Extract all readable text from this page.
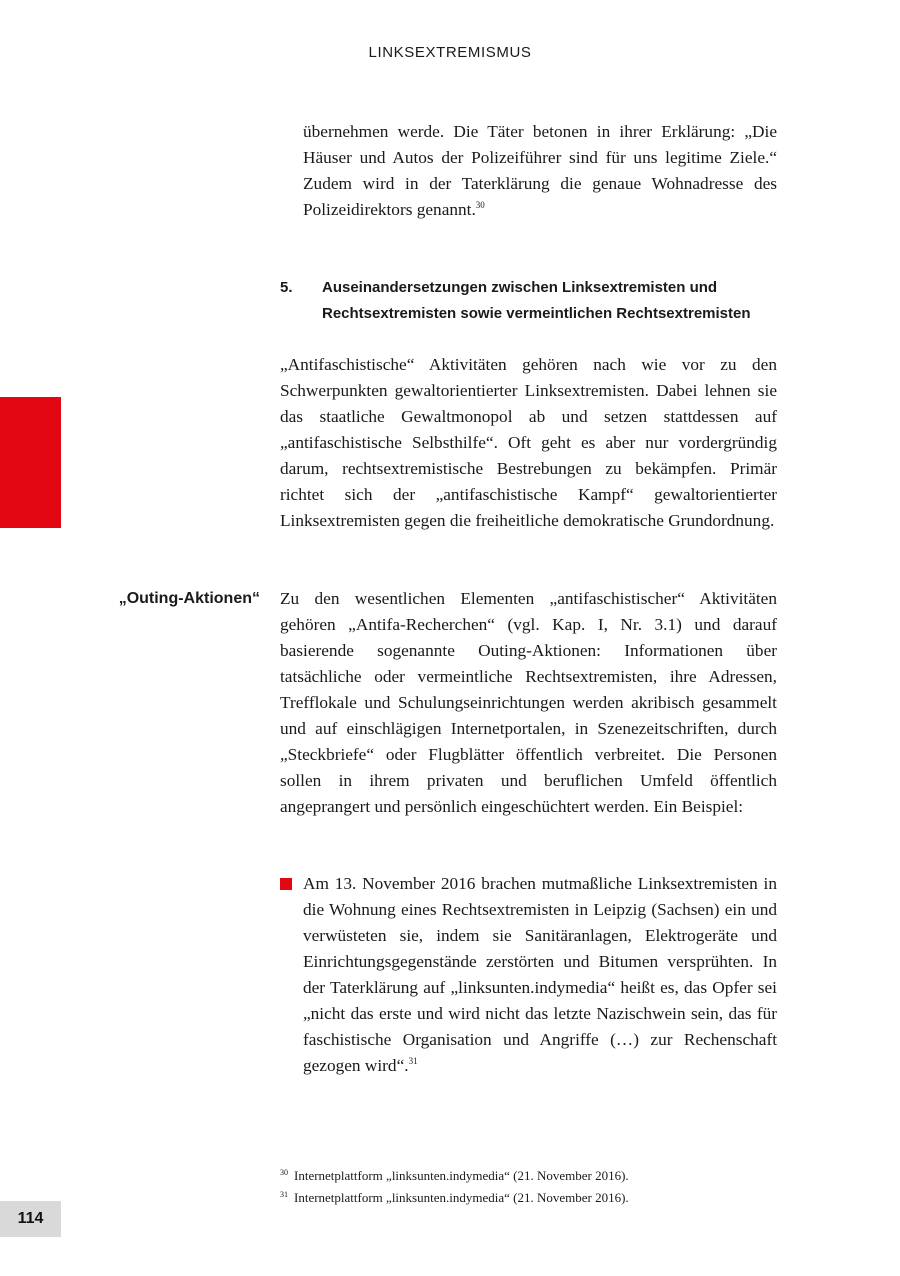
LINKSEXTREMISMUS

übernehmen werde. Die Täter betonen in ihrer Erklärung: „Die Häuser und Autos der Polizeiführer sind für uns legitime Ziele.“ Zudem wird in der Taterklärung die genaue Wohnadresse des Polizeidirektors genannt.$^{30}$

5. Auseinandersetzungen zwischen Linksextremisten und Rechtsextremisten sowie vermeintlichen Rechtsextremisten

„Antifaschistische“ Aktivitäten gehören nach wie vor zu den Schwerpunkten gewaltorientierter Linksextremisten. Dabei lehnen sie das staatliche Gewaltmonopol ab und setzen stattdessen auf „antifaschistische Selbsthilfe“. Oft geht es aber nur vordergründig darum, rechtsextremistische Bestrebungen zu bekämpfen. Primär richtet sich der „antifaschistische Kampf“ gewaltorientierter Linksextremisten gegen die freiheitliche demokratische Grundordnung.

„Outing-Aktionen“ Zu den wesentlichen Elementen „antifaschistischer“ Aktivitäten gehören „Antifa-Recherchen“ (vgl. Kap. I, Nr. 3.1) und darauf basierende sogenannte Outing-Aktionen: Informationen über tatsächliche oder vermeintliche Rechtsextremisten, ihre Adressen, Trefflokale und Schulungseinrichtungen werden akribisch gesammelt und auf einschlägigen Internetportalen, in Szenezeitschriften, durch „Steckbriefe“ oder Flugblätter öffentlich verbreitet. Die Personen sollen in ihrem privaten und beruflichen Umfeld öffentlich angeprangert und persönlich eingeschüchtert werden. Ein Beispiel:

Am 13. November 2016 brachen mutmaßliche Linksextremisten in die Wohnung eines Rechtsextremisten in Leipzig (Sachsen) ein und verwüsteten sie, indem sie Sanitäranlagen, Elektrogeräte und Einrichtungsgegenstände zerstörten und Bitumen versprühten. In der Taterklärung auf „linksunten.indymedia“ heißt es, das Opfer sei „nicht das erste und wird nicht das letzte Nazischwein sein, das für faschistische Organisation und Angriffe (…) zur Rechenschaft gezogen wird“.$^{31}$

$^{30}$ Internetplattform „linksunten.indymedia“ (21. November 2016).
$^{31}$ Internetplattform „linksunten.indymedia“ (21. November 2016).
114
